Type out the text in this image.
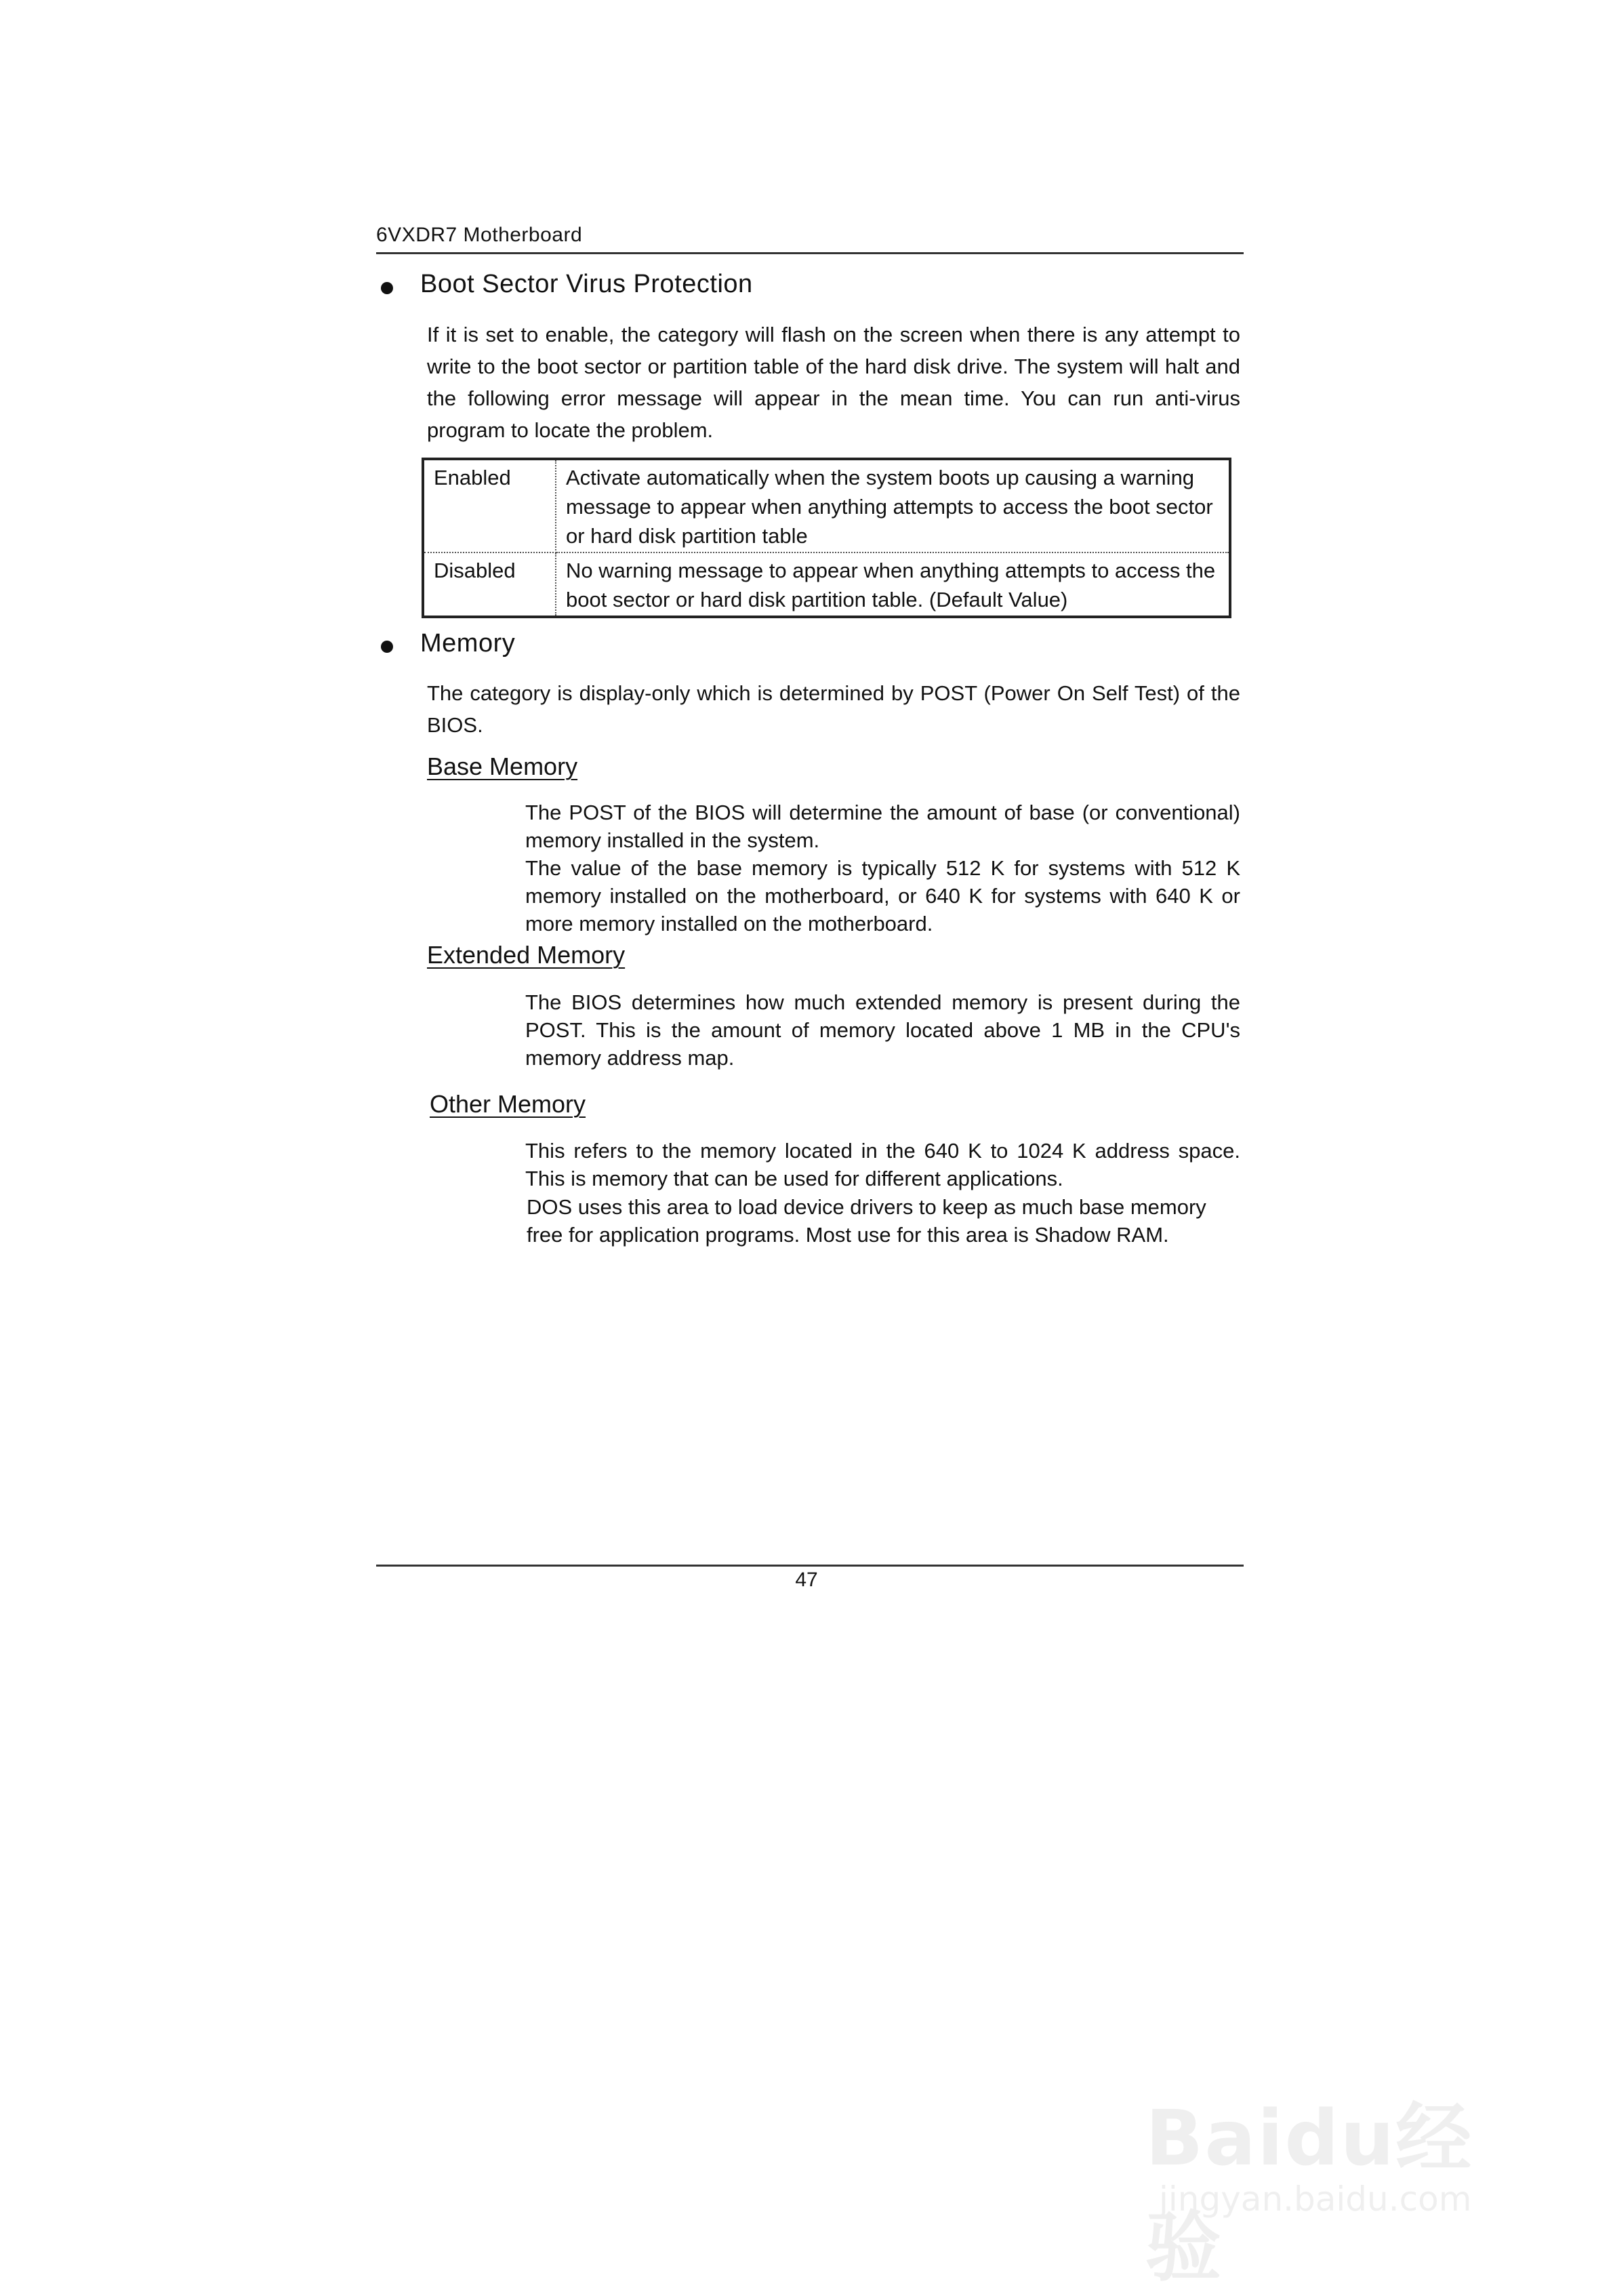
6VXDR7 Motherboard
Boot Sector Virus Protection
If it is set to enable, the category will flash on the screen when there is any attempt to write to the boot sector or partition table of the hard disk drive. The system will halt and the following error message will appear in the mean time. You can run anti-virus program to locate the problem.
Enabled	Activate automatically when the system boots up causing a warning message to appear when anything attempts to access the boot sector or hard disk partition table
Disabled	No warning message to appear when anything attempts to access the boot sector or hard disk partition table. (Default Value)
Memory
The category is display-only which is determined by POST (Power On Self Test) of the BIOS.
Base Memory
The POST of the BIOS will determine the amount of base (or conventional) memory installed in the system.
The value of the base memory is typically 512 K for systems with 512 K memory installed on the motherboard, or 640 K for systems with 640 K or more memory installed on the motherboard.
Extended Memory
The BIOS determines how much extended memory is present during the POST. This is the amount of memory located above 1 MB in the CPU's memory address map.
Other Memory
This refers to the memory located in the 640 K to 1024 K address space. This is memory that can be used for different applications.
DOS uses this area to load device drivers to keep as much base memory free for application programs. Most use for this area is Shadow RAM.
47
Baidu经验
jingyan.baidu.com
